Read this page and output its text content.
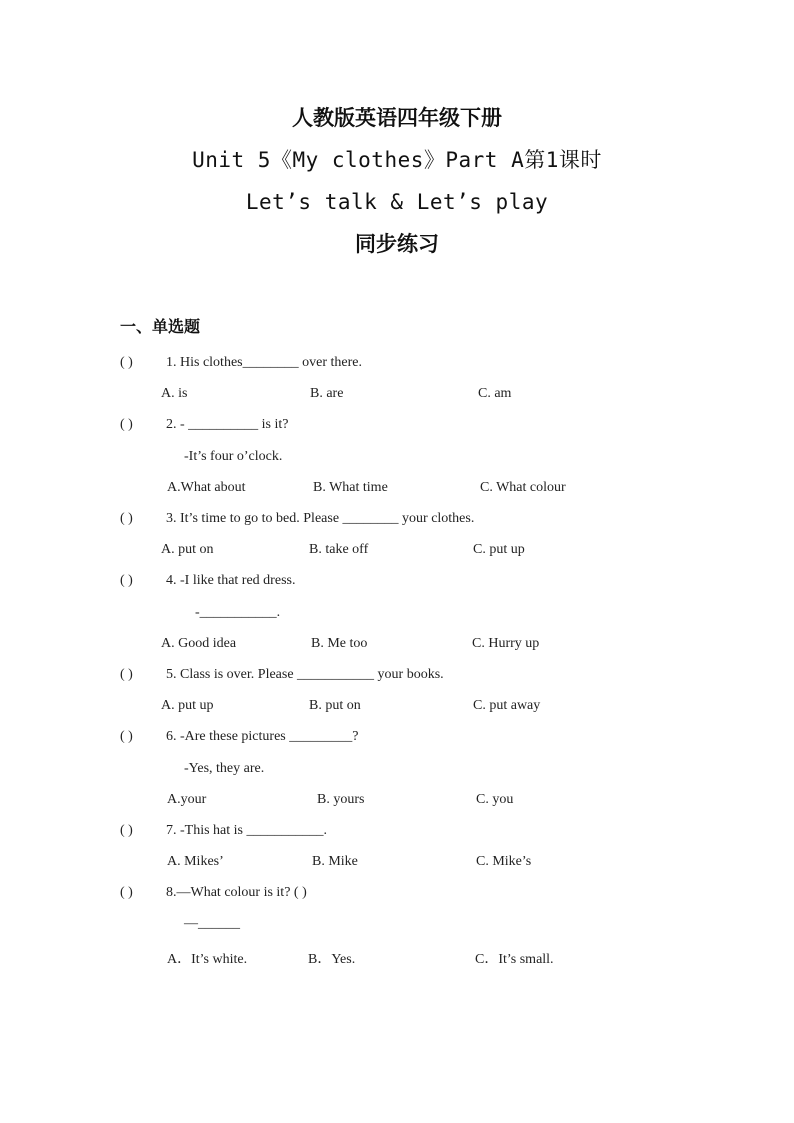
人教版英语四年级下册
Unit 5《My clothes》Part A第1课时
Let’s talk & Let’s play
同步练习
一、单选题
( ) 1. His clothes________ over there.
A. is	B. are	C. am
( ) 2. - __________ is it?
-It’s four o’clock.
A.What about	B. What time	C. What colour
( ) 3. It’s time to go to bed. Please ________ your clothes.
A. put on	B. take off	C. put up
( ) 4. -I like that red dress.
-___________.
A. Good idea	B. Me too	C. Hurry up
( ) 5. Class is over. Please ___________ your books.
A. put up	B. put on	C. put away
( ) 6. -Are these pictures _________?
-Yes, they are.
A.your	B. yours	C. you
( ) 7. -This hat is ___________.
A. Mikes’	B. Mike	C. Mike’s
( ) 8.—What colour is it? ( )
—______
A．It’s white.	B．Yes.	C．It’s small.
